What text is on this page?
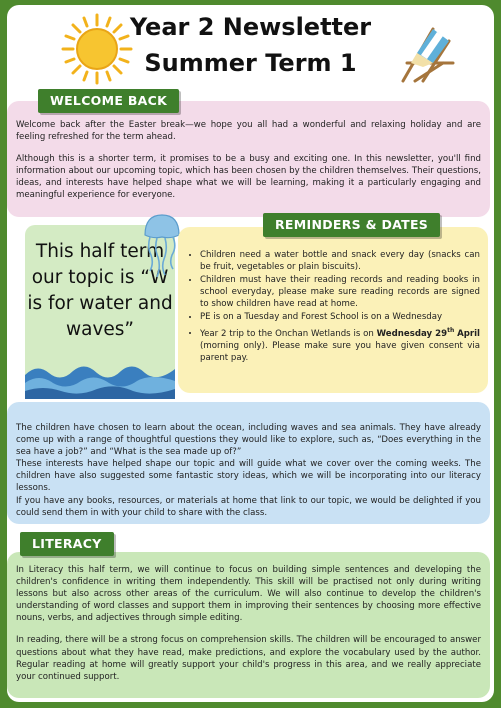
Year 2 Newsletter
Summer Term 1

Welcome back after the Easter break—we hope you all had a wonderful and relaxing holiday and are feeling refreshed for the term ahead.

Although this is a shorter term, it promises to be a busy and exciting one. In this newsletter, you'll find information about our upcoming topic, which has been chosen by the children themselves. Their questions, ideas, and interests have helped shape what we will be learning, making it a particularly engaging and meaningful experience for everyone.

WELCOME BACK
This half term our topic is “W is for water and waves”
• Children need a water bottle and snack every day (snacks can be fruit, vegetables or plain biscuits).
• Children must have their reading records and reading books in school everyday, please make sure reading records are signed to show children have read at home.
• PE is on a Tuesday and Forest School is on a Wednesday
• Year 2 trip to the Onchan Wetlands is on Wednesday 29th April (morning only). Please make sure you have given consent via parent pay.
REMINDERS & DATES

The children have chosen to learn about the ocean, including waves and sea animals. They have already come up with a range of thoughtful questions they would like to explore, such as, “Does everything in the sea have a job?” and “What is the sea made up of?”

These interests have helped shape our topic and will guide what we cover over the coming weeks. The children have also suggested some fantastic story ideas, which we will be incorporating into our literacy lessons.

If you have any books, resources, or materials at home that link to our topic, we would be delighted if you could send them in with your child to share with the class.

In Literacy this half term, we will continue to focus on building simple sentences and developing the children's confidence in writing them independently. This skill will be practised not only during writing lessons but also across other areas of the curriculum. We will also continue to develop the children's understanding of word classes and support them in improving their sentences by choosing more effective nouns, verbs, and adjectives through simple editing.

In reading, there will be a strong focus on comprehension skills. The children will be encouraged to answer questions about what they have read, make predictions, and explore the vocabulary used by the author. Regular reading at home will greatly support your child's progress in this area, and we really appreciate your continued support.

LITERACY
